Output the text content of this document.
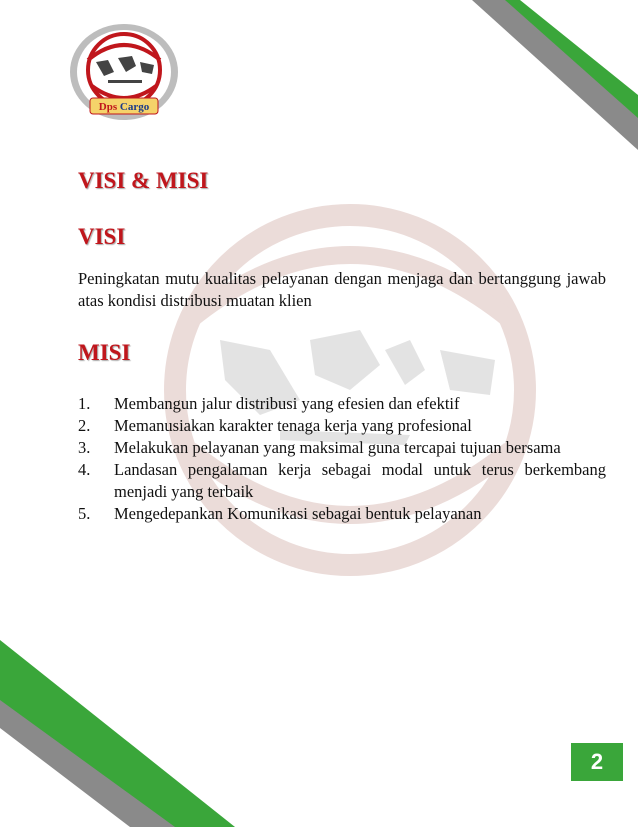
Dps Cargo
VISI & MISI
VISI

Peningkatan mutu kualitas pelayanan dengan menjaga dan bertanggung jawab atas kondisi distribusi muatan klien

MISI
1. Membangun jalur distribusi yang efesien dan efektif
2. Memanusiakan karakter tenaga kerja yang profesional
3. Melakukan pelayanan yang maksimal guna tercapai tujuan bersama
4. Landasan pengalaman kerja sebagai modal untuk terus berkembang menjadi yang terbaik
5. Mengedepankan Komunikasi sebagai bentuk pelayanan
2
